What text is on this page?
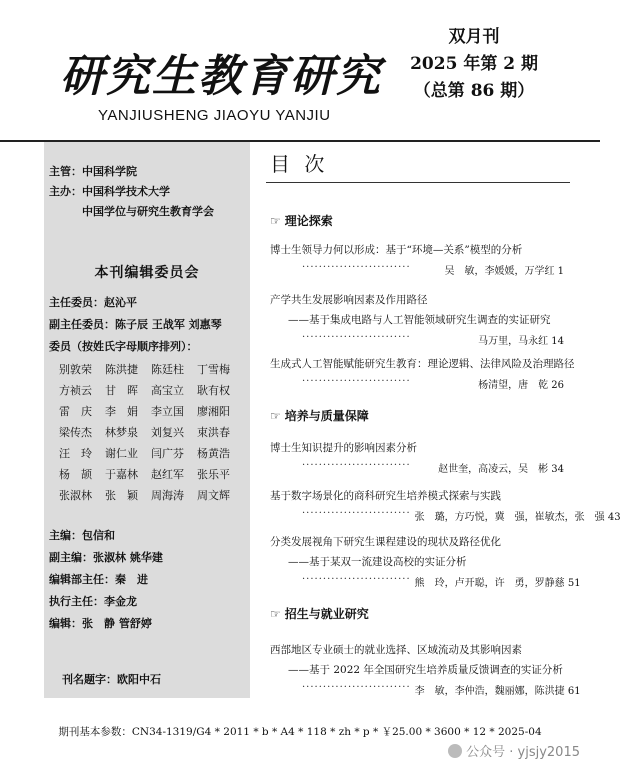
研究生教育研究
YANJIUSHENG JIAOYU YANJIU
双月刊
2025 年第 2 期
（总第 86 期）
主管：中国科学院
主办：中国科学技术大学
中国学位与研究生教育学会
本刊编辑委员会
主任委员：赵沁平
副主任委员：陈子辰 王战军 刘惠琴
委员（按姓氏字母顺序排列）：
别敦荣	陈洪捷	陈廷柱	丁雪梅
方祯云	甘　晖	高宝立	耿有权
雷　庆	李　娟	李立国	廖湘阳
梁传杰	林梦泉	刘复兴	束洪春
汪　玲	谢仁业	闫广芬	杨黄浩
杨　颉	于嘉林	赵红军	张乐平
张淑林	张　颖	周海涛	周文辉
主编：包信和
副主编：张淑林 姚华建
编辑部主任：秦　进
执行主任：李金龙
编辑：张　静 管舒婷
刊名题字：欧阳中石
目 次
☞ 理论探索
博士生领导力何以形成：基于“环境—关系”模型的分析
··························	吴　敏，李媛媛，万学红 1
产学共生发展影响因素及作用路径
——基于集成电路与人工智能领域研究生调查的实证研究
··························	马万里，马永红 14
生成式人工智能赋能研究生教育：理论逻辑、法律风险及治理路径
··························	杨清望，唐　乾 26
☞ 培养与质量保障
博士生知识提升的影响因素分析
··························	赵世奎，高凌云，吴　彬 34
基于数字场景化的商科研究生培养模式探索与实践
·························· 张　璐，方巧悦，冀　强，崔敏杰，张　强 43
分类发展视角下研究生课程建设的现状及路径优化
——基于某双一流建设高校的实证分析
·························· 熊　玲，卢开聪，许　勇，罗静慈 51
☞ 招生与就业研究
西部地区专业硕士的就业选择、区域流动及其影响因素
——基于 2022 年全国研究生培养质量反馈调查的实证分析
·························· 李　敏，李仲浩，魏丽娜，陈洪捷 61
期刊基本参数：CN34-1319/G4 * 2011 * b * A4 * 118 * zh * p * ￥25.00 * 3600 * 12 * 2025-04
公众号 · yjsjy2015
